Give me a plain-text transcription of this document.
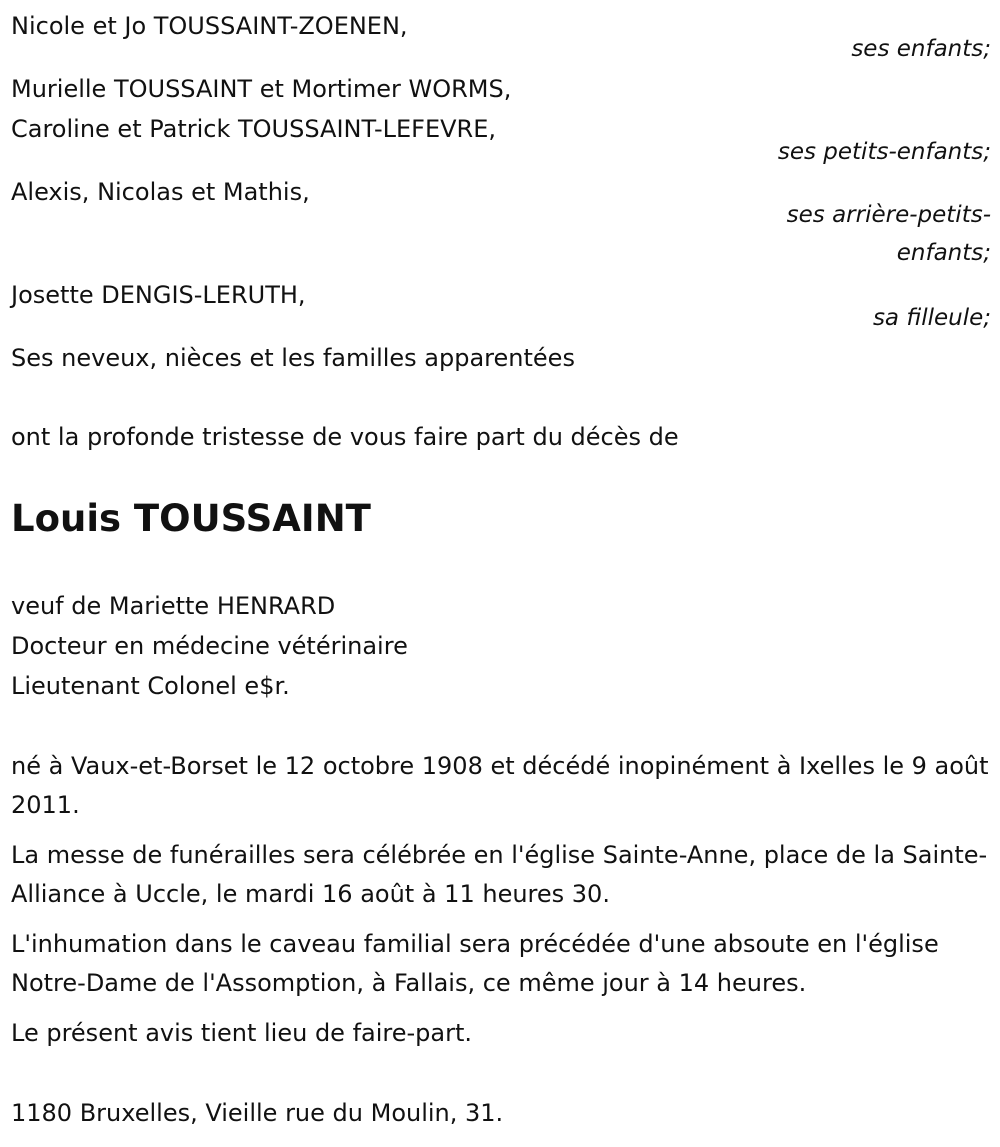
Nicole et Jo TOUSSAINT-ZOENEN,
ses enfants;
Murielle TOUSSAINT et Mortimer WORMS,
Caroline et Patrick TOUSSAINT-LEFEVRE,
ses petits-enfants;
Alexis, Nicolas et Mathis,
ses arrière-petits-
enfants;
Josette DENGIS-LERUTH,
sa filleule;
Ses neveux, nièces et les familles apparentées
ont la profonde tristesse de vous faire part du décès de
Louis TOUSSAINT
veuf de Mariette HENRARD
Docteur en médecine vétérinaire
Lieutenant Colonel e$r.
né à Vaux-et-Borset le 12 octobre 1908 et décédé inopinément à Ixelles le 9 août 2011.
La messe de funérailles sera célébrée en l'église Sainte-Anne, place de la Sainte-Alliance à Uccle, le mardi 16 août à 11 heures 30.
L'inhumation dans le caveau familial sera précédée d'une absoute en l'église Notre-Dame de l'Assomption, à Fallais, ce même jour à 14 heures.
Le présent avis tient lieu de faire-part.
1180 Bruxelles, Vieille rue du Moulin, 31.
